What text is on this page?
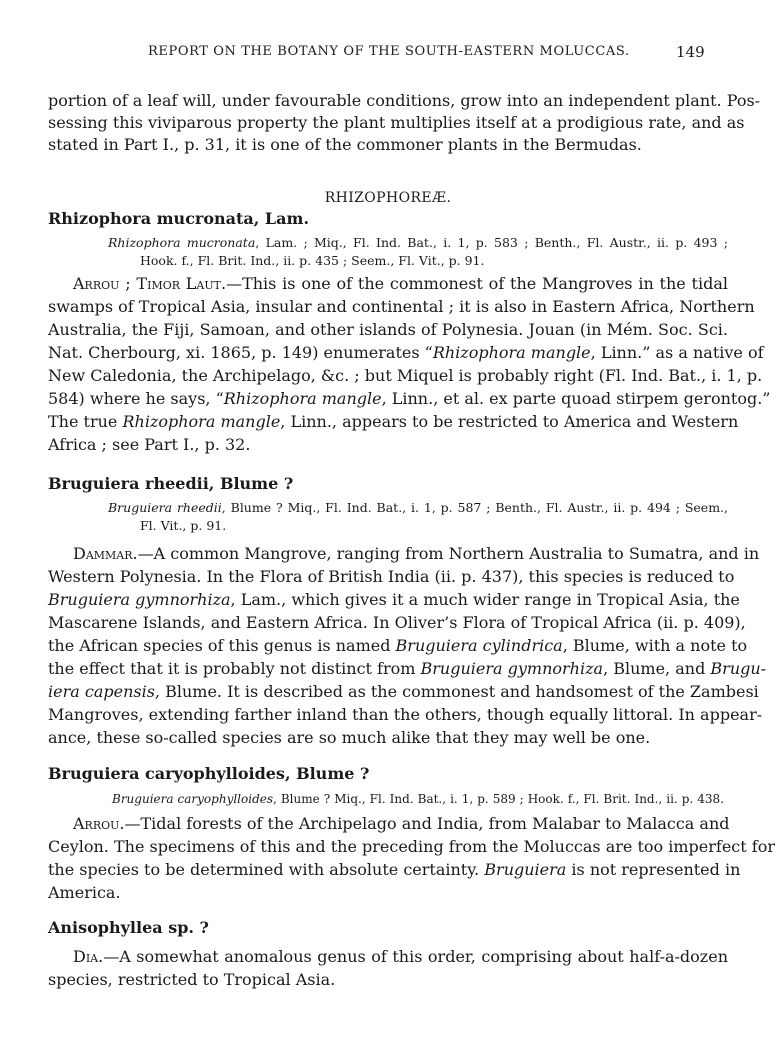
REPORT ON THE BOTANY OF THE SOUTH-EASTERN MOLUCCAS.	149
portion of a leaf will, under favourable conditions, grow into an independent plant. Pos-
sessing this viviparous property the plant multiplies itself at a prodigious rate, and as
stated in Part I., p. 31, it is one of the commoner plants in the Bermudas.
RHIZOPHOREÆ.
Rhizophora mucronata, Lam.
Rhizophora mucronata, Lam. ; Miq., Fl. Ind. Bat., i. 1, p. 583 ; Benth., Fl. Austr., ii. p. 493 ;
Hook. f., Fl. Brit. Ind., ii. p. 435 ; Seem., Fl. Vit., p. 91.
Arrou ; Timor Laut.—This is one of the commonest of the Mangroves in the tidal
swamps of Tropical Asia, insular and continental ; it is also in Eastern Africa, Northern
Australia, the Fiji, Samoan, and other islands of Polynesia. Jouan (in Mém. Soc. Sci.
Nat. Cherbourg, xi. 1865, p. 149) enumerates “Rhizophora mangle, Linn.” as a native of
New Caledonia, the Archipelago, &c. ; but Miquel is probably right (Fl. Ind. Bat., i. 1, p.
584) where he says, “Rhizophora mangle, Linn., et al. ex parte quoad stirpem gerontog.”
The true Rhizophora mangle, Linn., appears to be restricted to America and Western
Africa ; see Part I., p. 32.
Bruguiera rheedii, Blume ?
Bruguiera rheedii, Blume ? Miq., Fl. Ind. Bat., i. 1, p. 587 ; Benth., Fl. Austr., ii. p. 494 ; Seem.,
Fl. Vit., p. 91.
Dammar.—A common Mangrove, ranging from Northern Australia to Sumatra, and in
Western Polynesia. In the Flora of British India (ii. p. 437), this species is reduced to
Bruguiera gymnorhiza, Lam., which gives it a much wider range in Tropical Asia, the
Mascarene Islands, and Eastern Africa. In Oliver’s Flora of Tropical Africa (ii. p. 409),
the African species of this genus is named Bruguiera cylindrica, Blume, with a note to
the effect that it is probably not distinct from Bruguiera gymnorhiza, Blume, and Brugu-
iera capensis, Blume. It is described as the commonest and handsomest of the Zambesi
Mangroves, extending farther inland than the others, though equally littoral. In appear-
ance, these so-called species are so much alike that they may well be one.
Bruguiera caryophylloides, Blume ?
Bruguiera caryophylloides, Blume ? Miq., Fl. Ind. Bat., i. 1, p. 589 ; Hook. f., Fl. Brit. Ind., ii. p. 438.
Arrou.—Tidal forests of the Archipelago and India, from Malabar to Malacca and
Ceylon. The specimens of this and the preceding from the Moluccas are too imperfect for
the species to be determined with absolute certainty. Bruguiera is not represented in
America.
Anisophyllea sp. ?
Dia.—A somewhat anomalous genus of this order, comprising about half-a-dozen
species, restricted to Tropical Asia.
